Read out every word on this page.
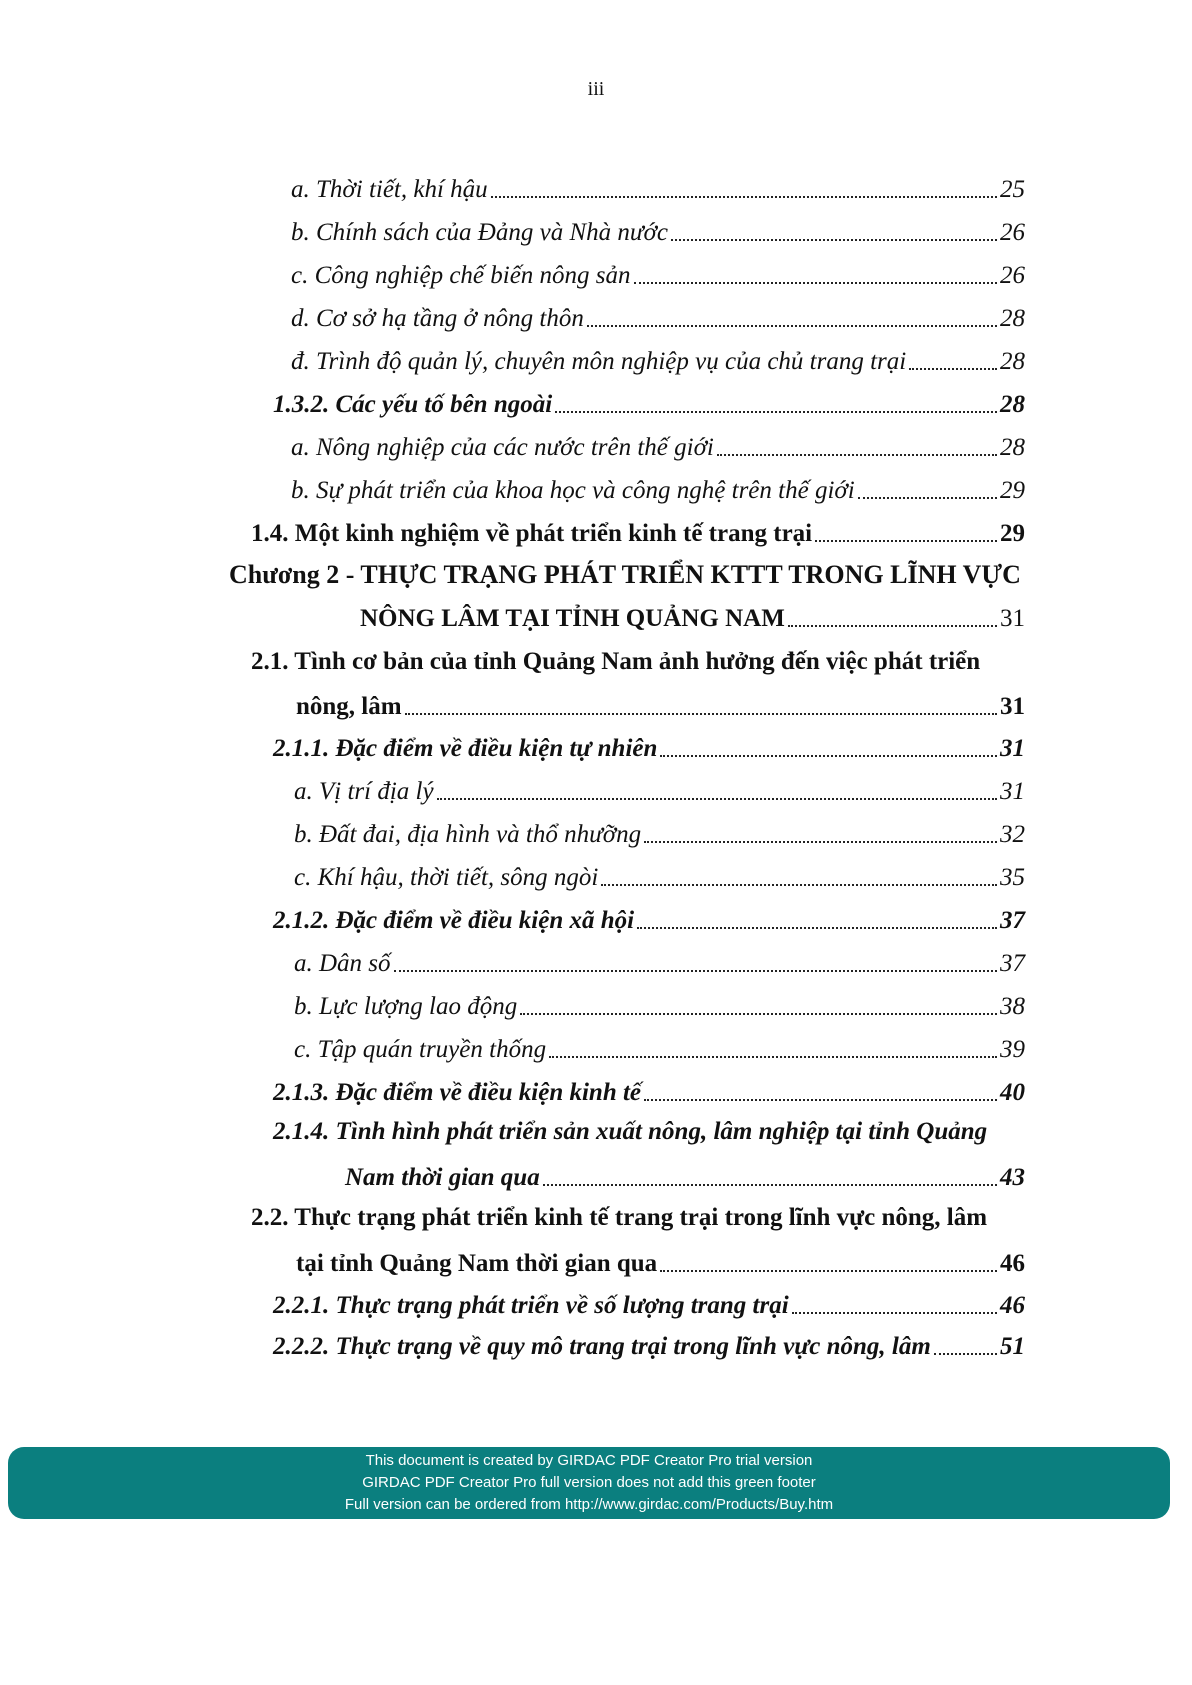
iii
a. Thời tiết, khí hậu	25
b. Chính sách của Đảng và Nhà nước	26
c. Công nghiệp chế biến nông sản	26
d. Cơ sở hạ tầng ở nông thôn	28
đ. Trình độ quản lý, chuyên môn nghiệp vụ của chủ trang trại	28
1.3.2. Các yếu tố bên ngoài	28
a. Nông nghiệp của các nước trên thế giới	28
b. Sự phát triển của khoa học và công nghệ trên thế giới	29
1.4. Một kinh nghiệm về phát triển kinh tế trang trại	29
Chương 2 - THỰC TRẠNG PHÁT TRIỂN KTTT TRONG LĨNH VỰC
NÔNG LÂM TẠI TỈNH QUẢNG NAM	31
2.1. Tình cơ bản của tỉnh Quảng Nam ảnh hưởng đến việc phát triển
nông, lâm	31
2.1.1. Đặc điểm về điều kiện tự nhiên	31
a. Vị trí địa lý	31
b. Đất đai, địa hình và thổ nhưỡng	32
c. Khí hậu, thời tiết, sông ngòi	35
2.1.2. Đặc điểm về điều kiện xã hội	37
a. Dân số	37
b. Lực lượng lao động	38
c. Tập quán truyền thống	39
2.1.3. Đặc điểm về điều kiện kinh tế	40
2.1.4. Tình hình phát triển sản xuất nông, lâm nghiệp tại tỉnh Quảng
Nam thời gian qua	43
2.2. Thực trạng phát triển kinh tế trang trại trong lĩnh vực nông, lâm
tại tỉnh Quảng Nam thời gian qua	46
2.2.1. Thực trạng phát triển về số lượng trang trại	46
2.2.2. Thực trạng về quy mô trang trại trong lĩnh vực nông, lâm	51
This document is created by GIRDAC PDF Creator Pro trial version
GIRDAC PDF Creator Pro full version does not add this green footer
Full version can be ordered from http://www.girdac.com/Products/Buy.htm
